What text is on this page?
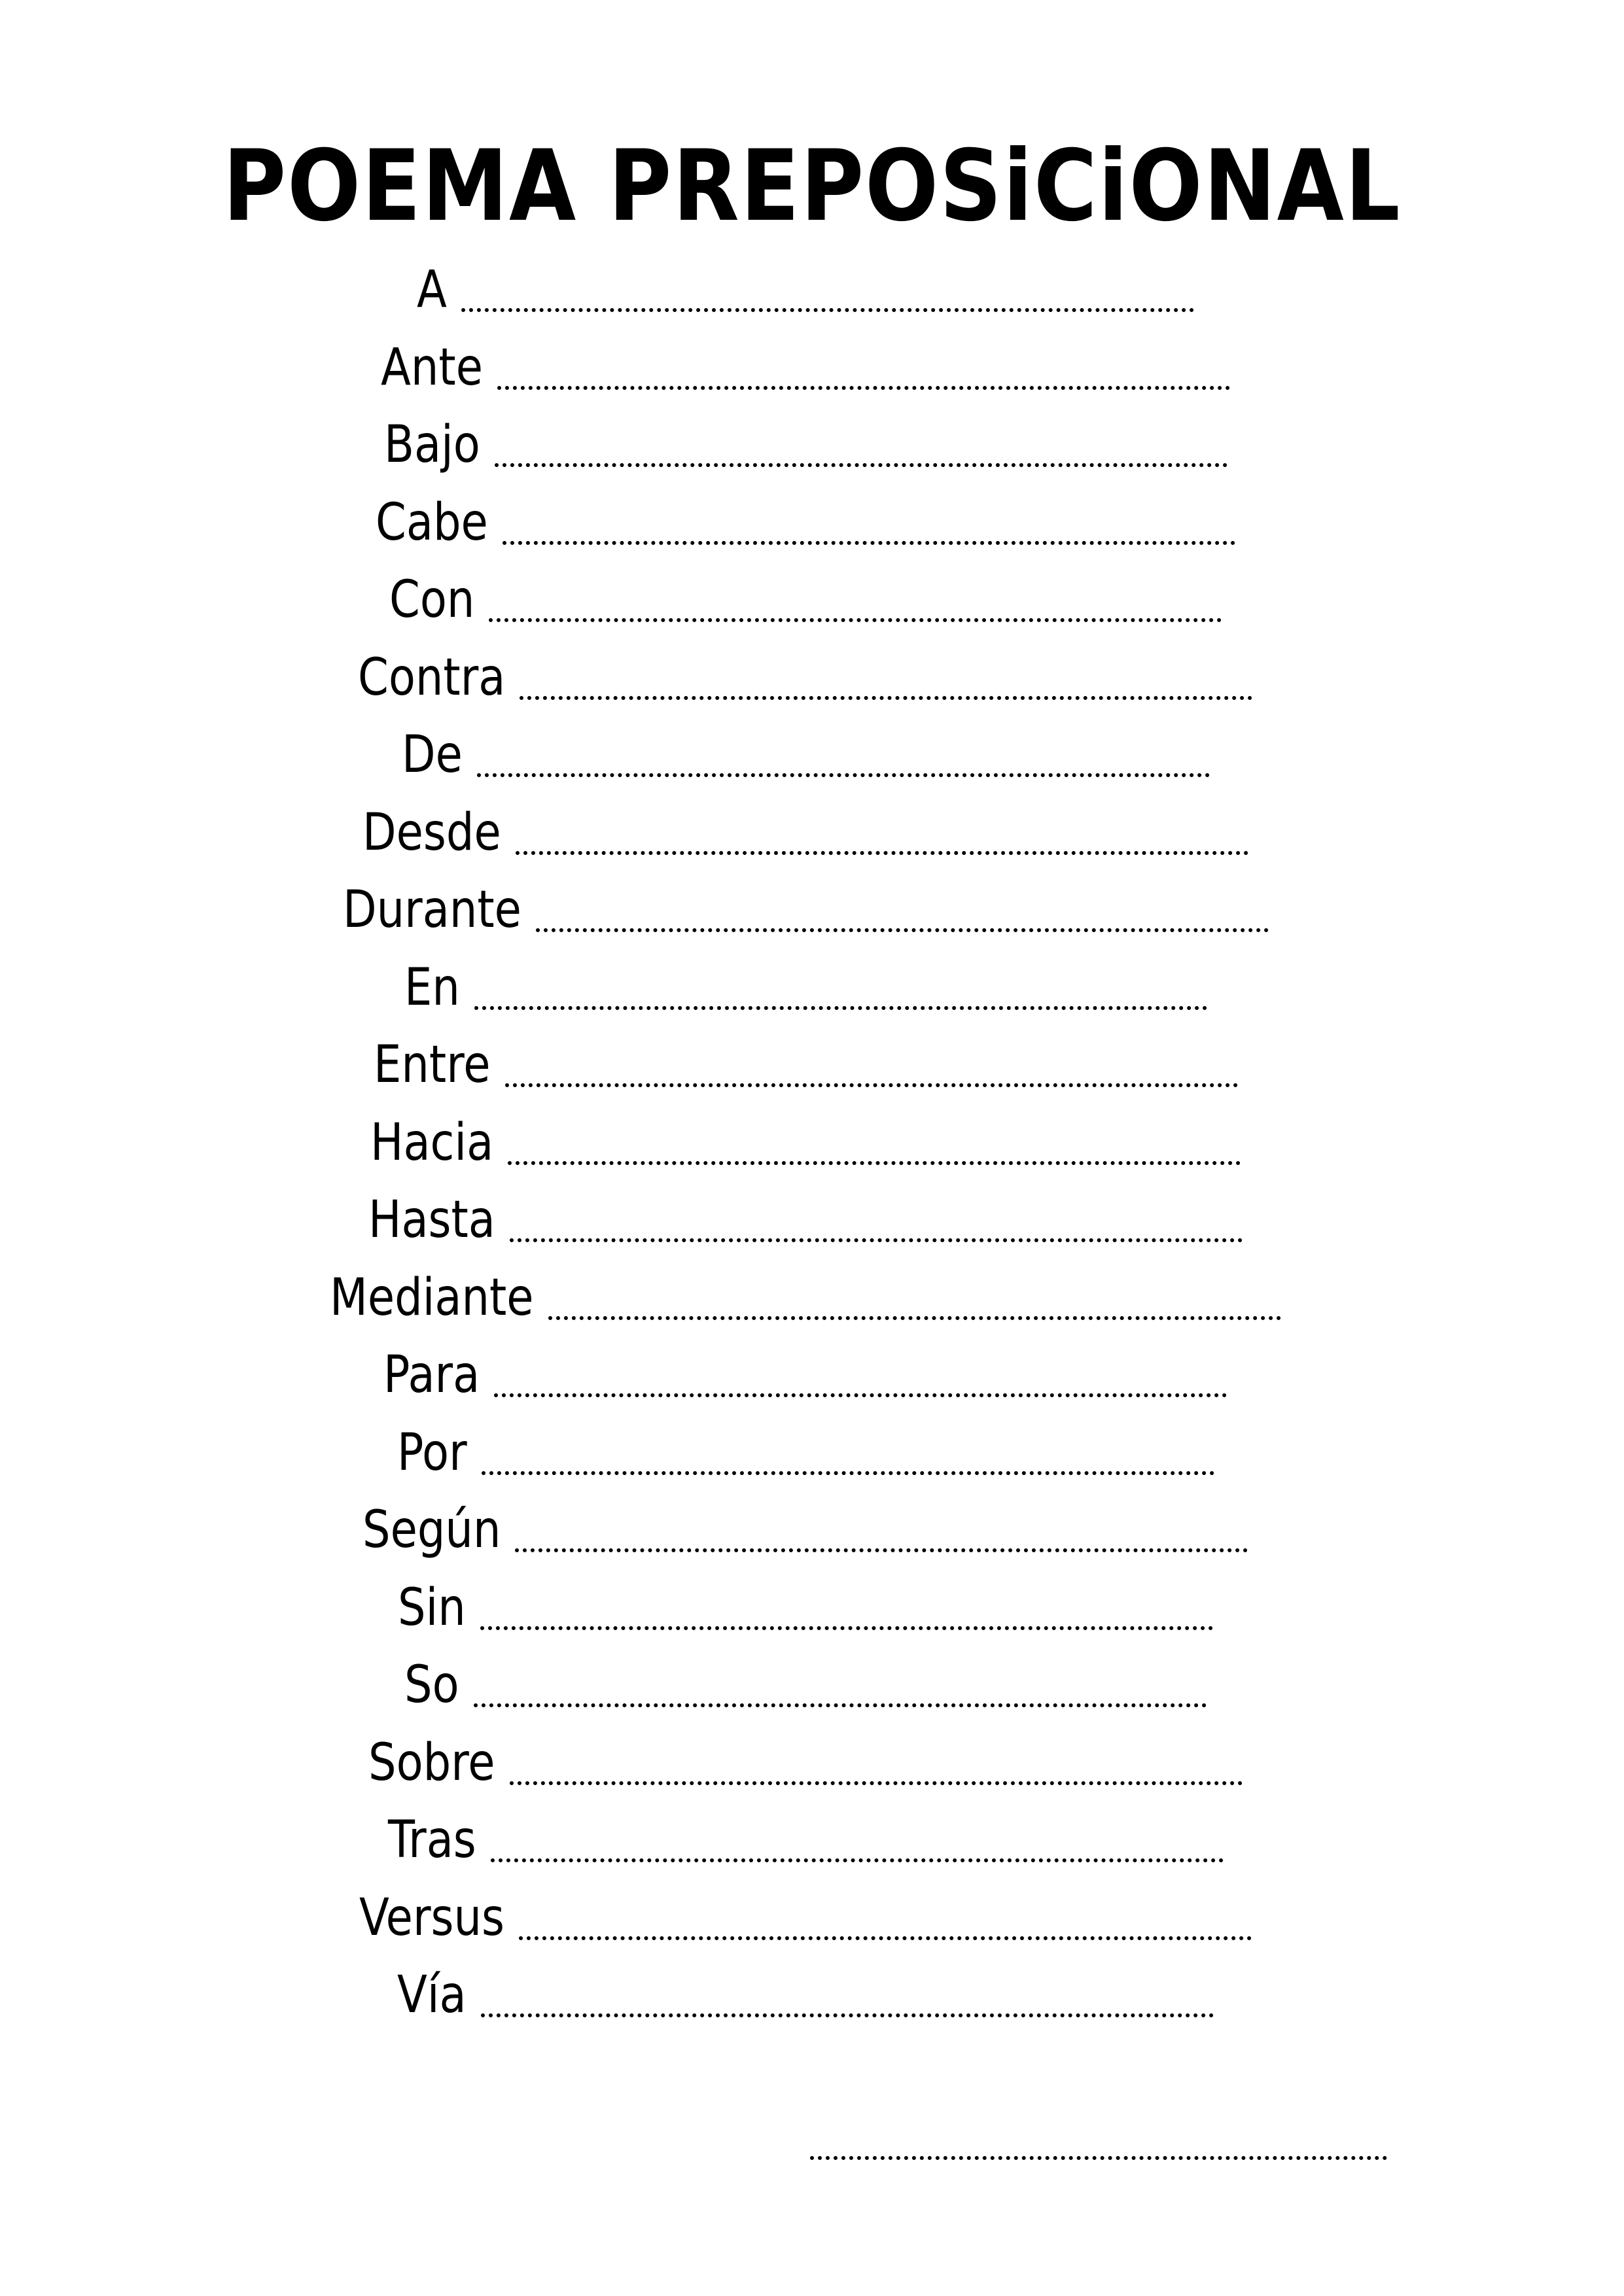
POEMA PREPOSiCiONAL
A
Ante
Bajo
Cabe
Con
Contra
De
Desde
Durante
En
Entre
Hacia
Hasta
Mediante
Para
Por
Según
Sin
So
Sobre
Tras
Versus
Vía
